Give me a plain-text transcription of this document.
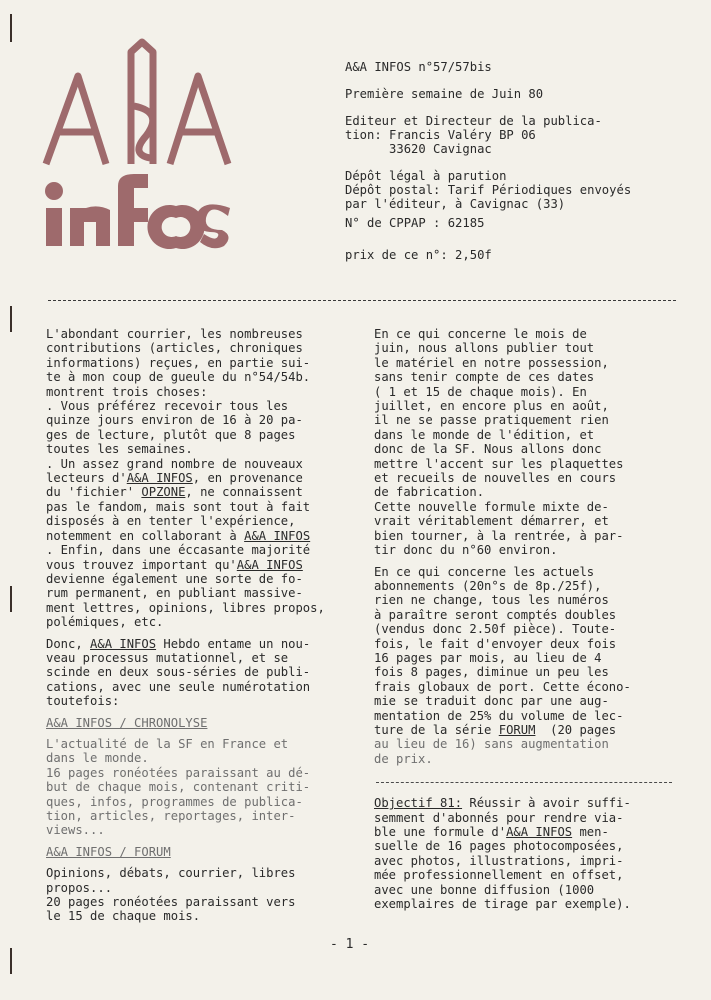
A&A INFOS n°57/57bis

Première semaine de Juin 80

Editeur et Directeur de la publica-

tion: Francis Valéry BP 06

33620 Cavignac

Dépôt légal à parution

Dépôt postal: Tarif Périodiques envoyés

par l'éditeur, à Cavignac (33)

N° de CPPAP : 62185

prix de ce n°: 2,50f

L'abondant courrier, les nombreuses

contributions (articles, chroniques

informations) reçues, en partie sui-

te à mon coup de gueule du n°54/54b.

montrent trois choses:

. Vous préférez recevoir tous les

quinze jours environ de 16 à 20 pa-

ges de lecture, plutôt que 8 pages

toutes les semaines.

. Un assez grand nombre de nouveaux

lecteurs d'A&A INFOS, en provenance

du 'fichier' OPZONE, ne connaissent

pas le fandom, mais sont tout à fait

disposés à en tenter l'expérience,

notemment en collaborant à A&A INFOS

. Enfin, dans une éccasante majorité

vous trouvez important qu'A&A INFOS

devienne également une sorte de fo-

rum permanent, en publiant massive-

ment lettres, opinions, libres propos,

polémiques, etc.

Donc, A&A INFOS Hebdo entame un nou-

veau processus mutationnel, et se

scinde en deux sous-séries de publi-

cations, avec une seule numérotation

toutefois:

A&A INFOS / CHRONOLYSE

L'actualité de la SF en France et

dans le monde.

16 pages ronéotées paraissant au dé-

but de chaque mois, contenant criti-

ques, infos, programmes de publica-

tion, articles, reportages, inter-

views...

A&A INFOS / FORUM

Opinions, débats, courrier, libres

propos...

20 pages ronéotées paraissant vers

le 15 de chaque mois.

En ce qui concerne le mois de

juin, nous allons publier tout

le matériel en notre possession,

sans tenir compte de ces dates

( 1 et 15 de chaque mois). En

juillet, en encore plus en août,

il ne se passe pratiquement rien

dans le monde de l'édition, et

donc de la SF. Nous allons donc

mettre l'accent sur les plaquettes

et recueils de nouvelles en cours

de fabrication.

Cette nouvelle formule mixte de-

vrait véritablement démarrer, et

bien tourner, à la rentrée, à par-

tir donc du n°60 environ.

En ce qui concerne les actuels

abonnements (20n°s de 8p./25f),

rien ne change, tous les numéros

à paraître seront comptés doubles

(vendus donc 2.50f pièce). Toute-

fois, le fait d'envoyer deux fois

16 pages par mois, au lieu de 4

fois 8 pages, diminue un peu les

frais globaux de port. Cette écono-

mie se traduit donc par une aug-

mentation de 25% du volume de lec-

ture de la série FORUM  (20 pages

au lieu de 16) sans augmentation

de prix.

Objectif 81: Réussir à avoir suffi-

semment d'abonnés pour rendre via-

ble une formule d'A&A INFOS men-

suelle de 16 pages photocomposées,

avec photos, illustrations, impri-

mée professionnellement en offset,

avec une bonne diffusion (1000

exemplaires de tirage par exemple).

- 1 -
